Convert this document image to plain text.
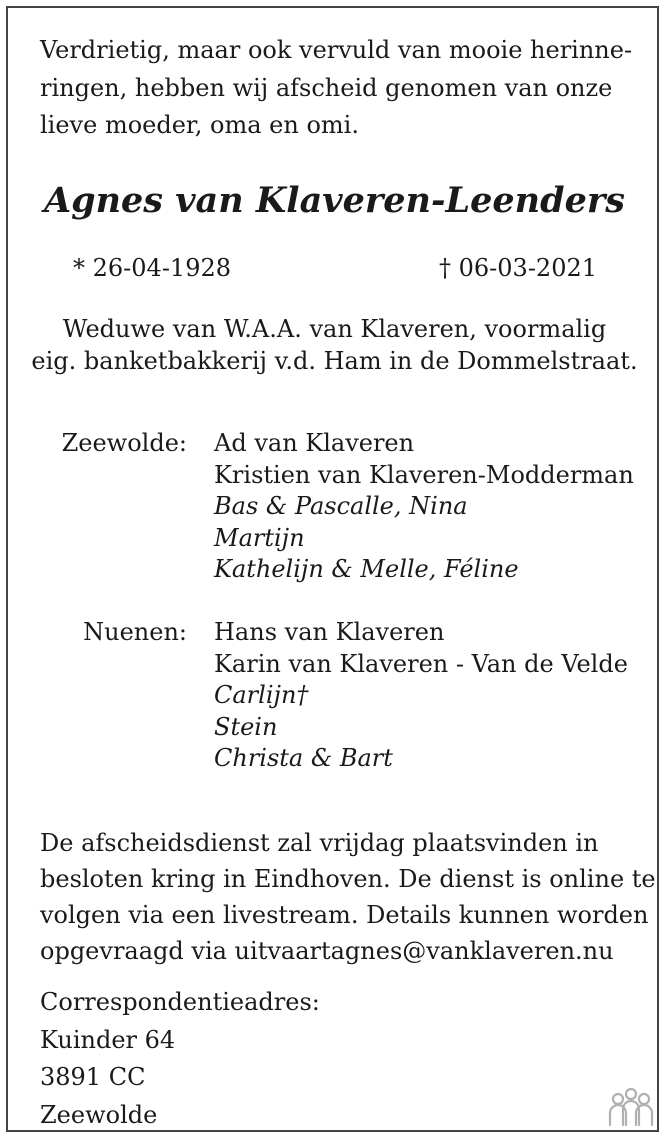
Verdrietig, maar ook vervuld van mooie herinne-
ringen, hebben wij afscheid genomen van onze
lieve moeder, oma en omi.
Agnes van Klaveren-Leenders
* 26-04-1928	† 06-03-2021
Weduwe van W.A.A. van Klaveren, voormalig
eig. banketbakkerij v.d. Ham in de Dommelstraat.
Zeewolde: Ad van Klaveren
Kristien van Klaveren-Modderman
Bas & Pascalle, Nina
Martijn
Kathelijn & Melle, Féline
Nuenen: Hans van Klaveren
Karin van Klaveren - Van de Velde
Carlijn†
Stein
Christa & Bart
De afscheidsdienst zal vrijdag plaatsvinden in
besloten kring in Eindhoven. De dienst is online te
volgen via een livestream. Details kunnen worden
opgevraagd via uitvaartagnes@vanklaveren.nu
Correspondentieadres:
Kuinder 64
3891 CC
Zeewolde
